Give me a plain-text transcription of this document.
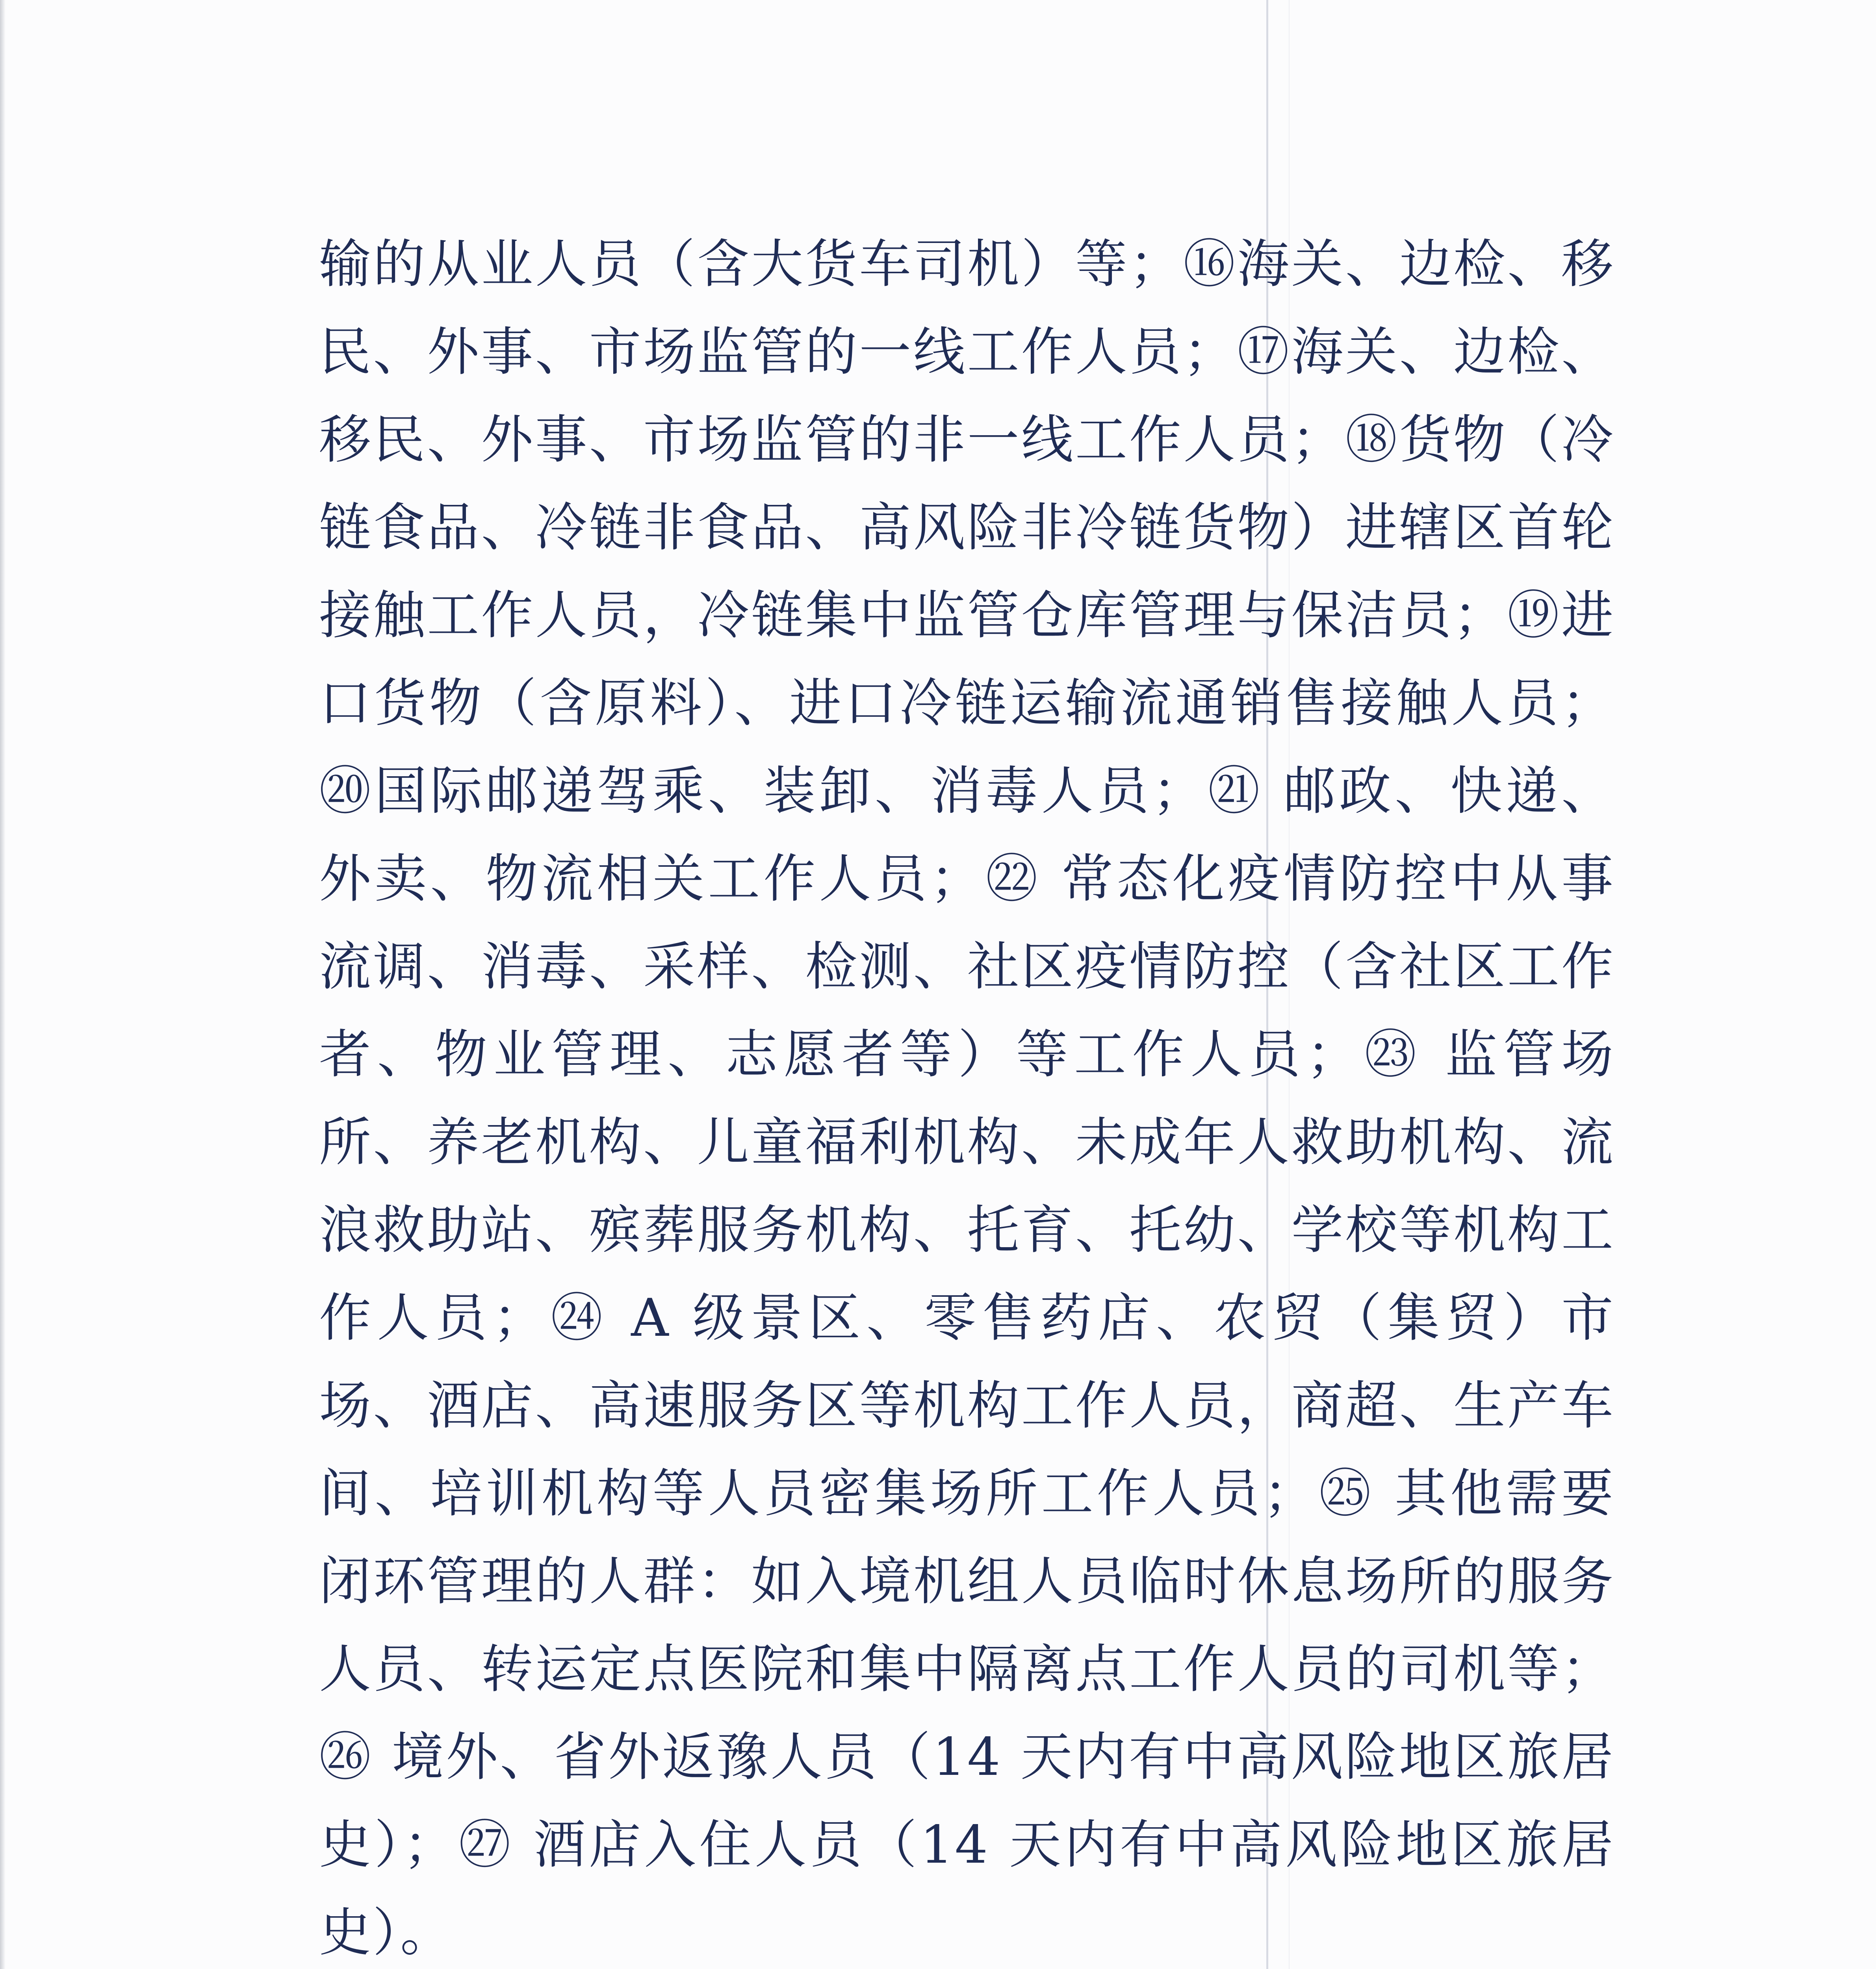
输的从业人员（含大货车司机）等；⑯海关、边检、移民、外事、市场监管的一线工作人员；⑰海关、边检、移民、外事、市场监管的非一线工作人员；⑱货物（冷链食品、冷链非食品、高风险非冷链货物）进辖区首轮接触工作人员，冷链集中监管仓库管理与保洁员；⑲进口货物（含原料）、进口冷链运输流通销售接触人员；⑳国际邮递驾乘、装卸、消毒人员；㉑ 邮政、快递、外卖、物流相关工作人员；㉒ 常态化疫情防控中从事流调、消毒、采样、检测、社区疫情防控（含社区工作者、物业管理、志愿者等）等工作人员；㉓ 监管场所、养老机构、儿童福利机构、未成年人救助机构、流浪救助站、殡葬服务机构、托育、托幼、学校等机构工作人员；㉔ A 级景区、零售药店、农贸（集贸）市场、酒店、高速服务区等机构工作人员，商超、生产车间、培训机构等人员密集场所工作人员；㉕ 其他需要闭环管理的人群：如入境机组人员临时休息场所的服务人员、转运定点医院和集中隔离点工作人员的司机等；㉖ 境外、省外返豫人员（14 天内有中高风险地区旅居史）；㉗ 酒店入住人员（14 天内有中高风险地区旅居史）。
